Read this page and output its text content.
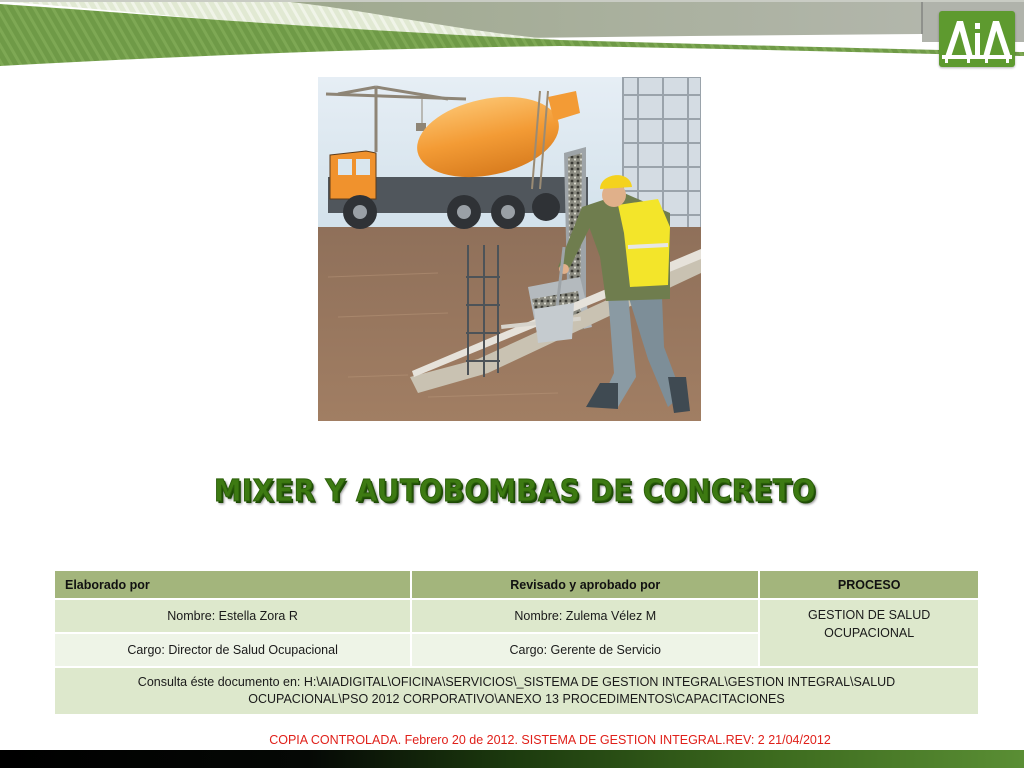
MIXER Y AUTOBOMBAS DE CONCRETO
Elaborado por	Revisado y aprobado por	PROCESO
Nombre: Estella Zora R	Nombre: Zulema Vélez M	GESTION DE SALUD
OCUPACIONAL
Cargo: Director de Salud Ocupacional	Cargo: Gerente de Servicio	
Consulta éste documento en: H:\AIADIGITAL\OFICINA\SERVICIOS\_SISTEMA DE GESTION INTEGRAL\GESTION INTEGRAL\SALUD
OCUPACIONAL\PSO 2012 CORPORATIVO\ANEXO 13 PROCEDIMENTOS\CAPACITACIONES		
COPIA CONTROLADA. Febrero 20 de 2012. SISTEMA DE GESTION INTEGRAL.REV: 2 21/04/2012
